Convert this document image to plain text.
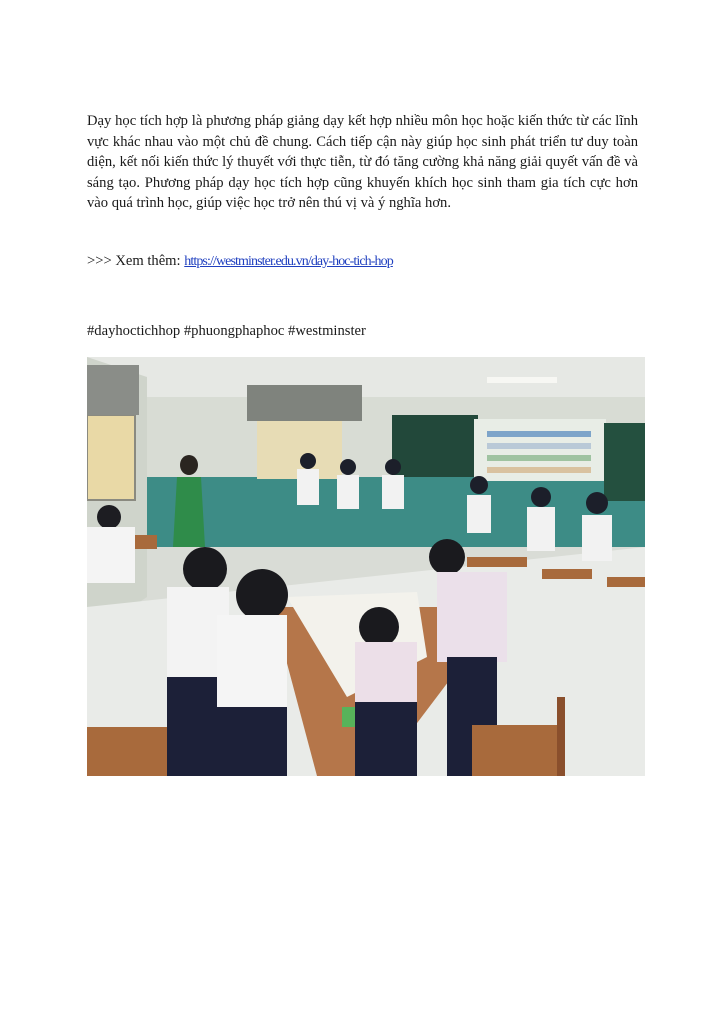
Dạy học tích hợp là phương pháp giảng dạy kết hợp nhiều môn học hoặc kiến thức từ các lĩnh vực khác nhau vào một chủ đề chung. Cách tiếp cận này giúp học sinh phát triển tư duy toàn diện, kết nối kiến thức lý thuyết với thực tiễn, từ đó tăng cường khả năng giải quyết vấn đề và sáng tạo. Phương pháp dạy học tích hợp cũng khuyến khích học sinh tham gia tích cực hơn vào quá trình học, giúp việc học trở nên thú vị và ý nghĩa hơn.

>>> Xem thêm: https://westminster.edu.vn/day-hoc-tich-hop

#dayhoctichhop #phuongphaphoc #westminster
